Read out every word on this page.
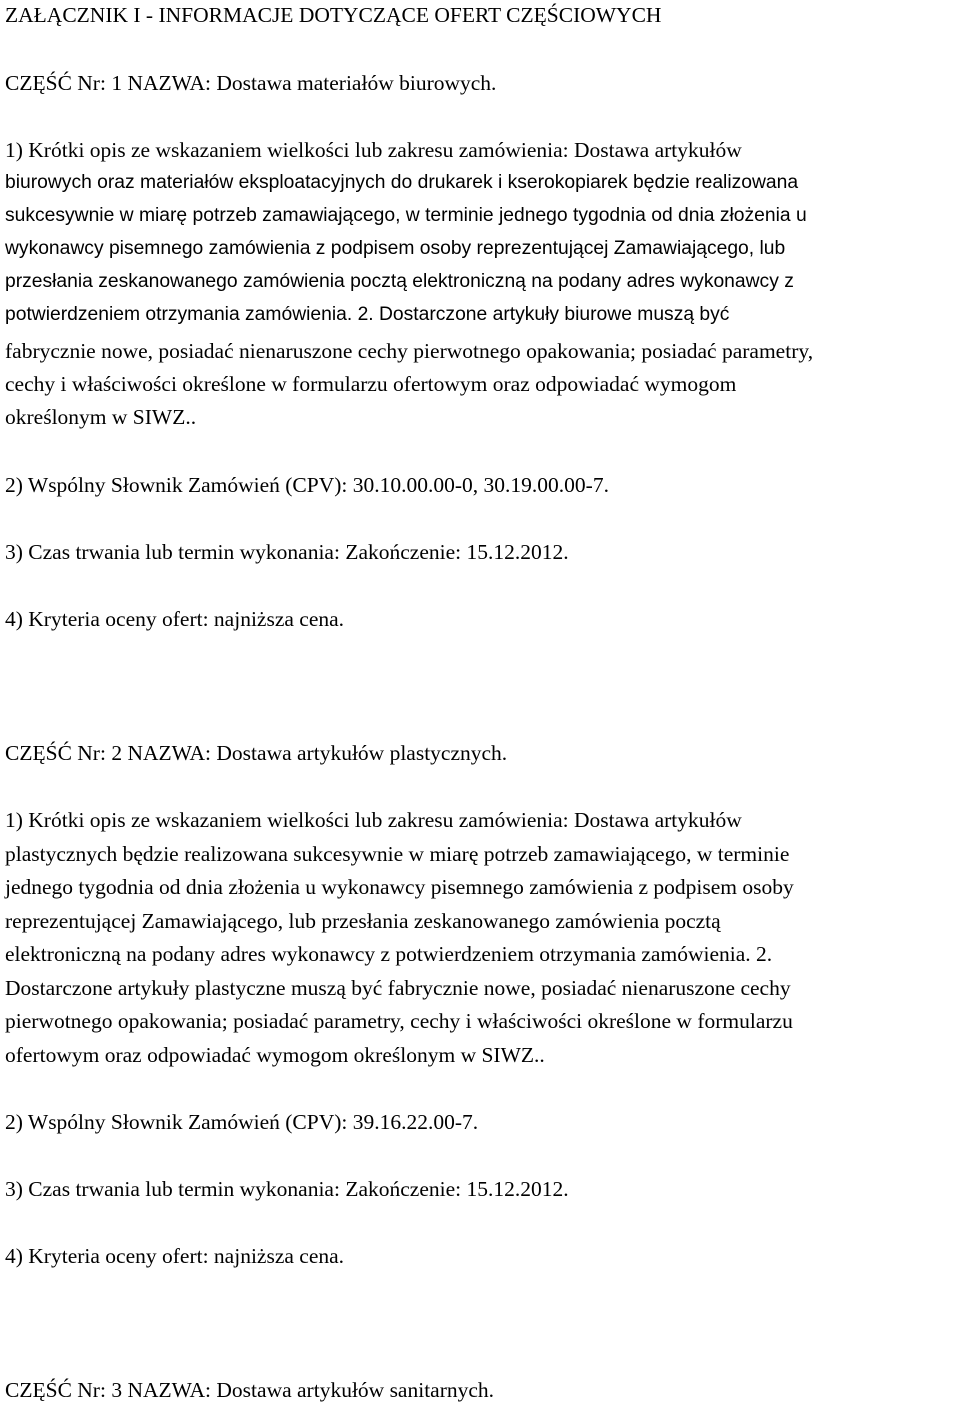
ZAŁĄCZNIK I - INFORMACJE DOTYCZĄCE OFERT CZĘŚCIOWYCH
CZĘŚĆ Nr: 1 NAZWA: Dostawa materiałów biurowych.
1) Krótki opis ze wskazaniem wielkości lub zakresu zamówienia: Dostawa artykułów
biurowych oraz materiałów eksploatacyjnych do drukarek i kserokopiarek będzie realizowana
sukcesywnie w miarę potrzeb zamawiającego, w terminie jednego tygodnia od dnia złożenia u
wykonawcy pisemnego zamówienia z podpisem osoby reprezentującej Zamawiającego, lub
przesłania zeskanowanego zamówienia pocztą elektroniczną na podany adres wykonawcy z
potwierdzeniem otrzymania zamówienia. 2. Dostarczone artykuły biurowe muszą być
fabrycznie nowe, posiadać nienaruszone cechy pierwotnego opakowania; posiadać parametry,
cechy i właściwości określone w formularzu ofertowym oraz odpowiadać wymogom
określonym w SIWZ..
2) Wspólny Słownik Zamówień (CPV): 30.10.00.00-0, 30.19.00.00-7.
3) Czas trwania lub termin wykonania: Zakończenie: 15.12.2012.
4) Kryteria oceny ofert: najniższa cena.
CZĘŚĆ Nr: 2 NAZWA: Dostawa artykułów plastycznych.
1) Krótki opis ze wskazaniem wielkości lub zakresu zamówienia: Dostawa artykułów
plastycznych będzie realizowana sukcesywnie w miarę potrzeb zamawiającego, w terminie
jednego tygodnia od dnia złożenia u wykonawcy pisemnego zamówienia z podpisem osoby
reprezentującej Zamawiającego, lub przesłania zeskanowanego zamówienia pocztą
elektroniczną na podany adres wykonawcy z potwierdzeniem otrzymania zamówienia. 2.
Dostarczone artykuły plastyczne muszą być fabrycznie nowe, posiadać nienaruszone cechy
pierwotnego opakowania; posiadać parametry, cechy i właściwości określone w formularzu
ofertowym oraz odpowiadać wymogom określonym w SIWZ..
2) Wspólny Słownik Zamówień (CPV): 39.16.22.00-7.
3) Czas trwania lub termin wykonania: Zakończenie: 15.12.2012.
4) Kryteria oceny ofert: najniższa cena.
CZĘŚĆ Nr: 3 NAZWA: Dostawa artykułów sanitarnych.
